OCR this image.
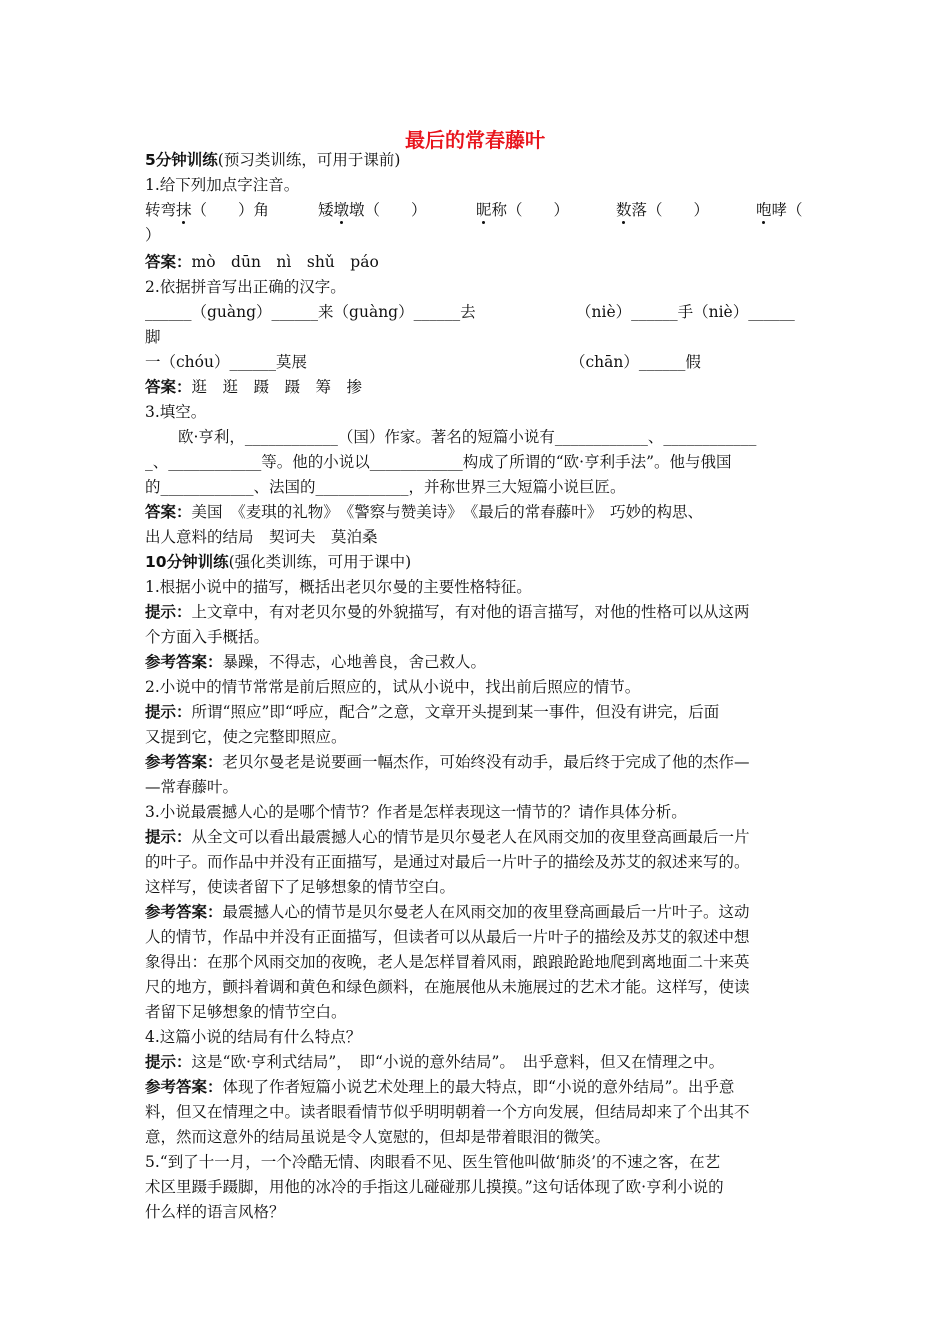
最后的常春藤叶
5分钟训练(预习类训练，可用于课前)
1.给下列加点字注音。
转弯抹（　　）角	矮墩墩（　　）	昵称（　　）	数落（　　）	咆哮（
）
答案：mò　dūn　nì　shǔ　páo
2.依据拼音写出正确的汉字。
______（guàng）______来（guàng）______去	（niè）______手（niè）______
脚
一（chóu）______莫展	（chān）______假
答案：逛　逛　蹑　蹑　筹　掺
3.填空。
欧·亨利，____________（国）作家。著名的短篇小说有____________、____________
_、____________等。他的小说以____________构成了所谓的“欧·亨利手法”。他与俄国
的____________、法国的____________，并称世界三大短篇小说巨匠。
答案：美国　《麦琪的礼物》　《警察与赞美诗》　《最后的常春藤叶》　巧妙的构思、
出人意料的结局　契诃夫　莫泊桑
10分钟训练(强化类训练，可用于课中)
1.根据小说中的描写，概括出老贝尔曼的主要性格特征。
提示：上文章中，有对老贝尔曼的外貌描写，有对他的语言描写，对他的性格可以从这两
个方面入手概括。
参考答案：暴躁，不得志，心地善良，舍己救人。
2.小说中的情节常常是前后照应的，试从小说中，找出前后照应的情节。
提示：所谓“照应”即“呼应，配合”之意，文章开头提到某一事件，但没有讲完，后面
又提到它，使之完整即照应。
参考答案：老贝尔曼老是说要画一幅杰作，可始终没有动手，最后终于完成了他的杰作—
—常春藤叶。
3.小说最震撼人心的是哪个情节？作者是怎样表现这一情节的？请作具体分析。
提示：从全文可以看出最震撼人心的情节是贝尔曼老人在风雨交加的夜里登高画最后一片
的叶子。而作品中并没有正面描写，是通过对最后一片叶子的描绘及苏艾的叙述来写的。
这样写，使读者留下了足够想象的情节空白。
参考答案：最震撼人心的情节是贝尔曼老人在风雨交加的夜里登高画最后一片叶子。这动
人的情节，作品中并没有正面描写，但读者可以从最后一片叶子的描绘及苏艾的叙述中想
象得出：在那个风雨交加的夜晚，老人是怎样冒着风雨，踉踉跄跄地爬到离地面二十来英
尺的地方，颤抖着调和黄色和绿色颜料，在施展他从未施展过的艺术才能。这样写，使读
者留下足够想象的情节空白。
4.这篇小说的结局有什么特点？
提示：这是“欧·亨利式结局”，　即“小说的意外结局”。　出乎意料，但又在情理之中。
参考答案：体现了作者短篇小说艺术处理上的最大特点，即“小说的意外结局”。出乎意
料，但又在情理之中。读者眼看情节似乎明明朝着一个方向发展，但结局却来了个出其不
意，然而这意外的结局虽说是令人宽慰的，但却是带着眼泪的微笑。
5.“到了十一月，一个冷酷无情、肉眼看不见、医生管他叫做‘肺炎’的不速之客，在艺
术区里蹑手蹑脚，用他的冰冷的手指这儿碰碰那儿摸摸。”这句话体现了欧·亨利小说的
什么样的语言风格？
